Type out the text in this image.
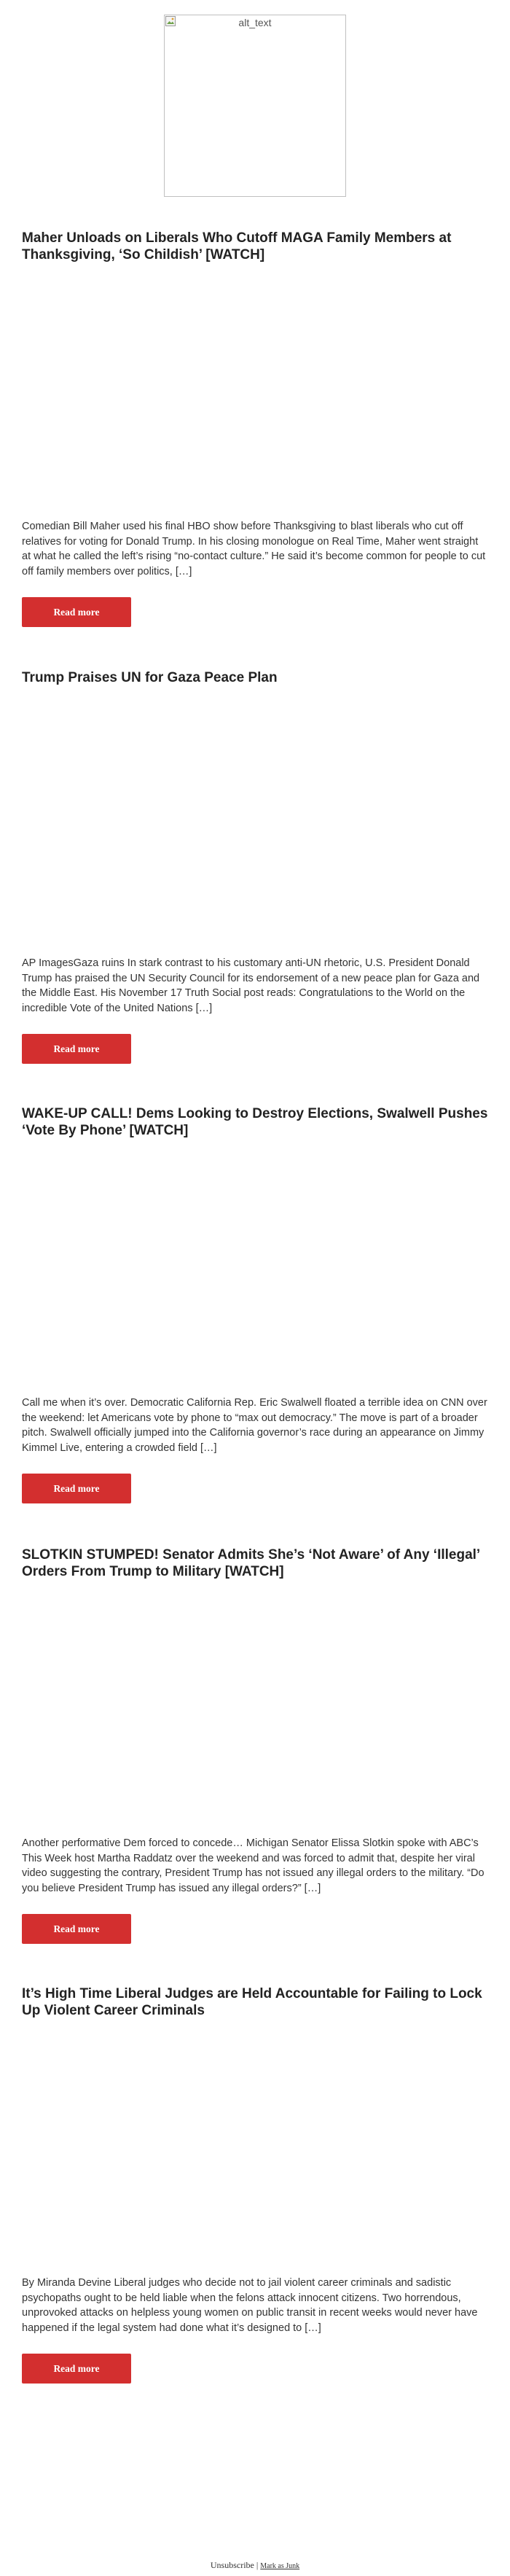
alt_text
Maher Unloads on Liberals Who Cutoff MAGA Family Members at Thanksgiving, ‘So Childish’ [WATCH]

Comedian Bill Maher used his final HBO show before Thanksgiving to blast liberals who cut off relatives for voting for Donald Trump. In his closing monologue on Real Time, Maher went straight at what he called the left’s rising “no-contact culture.” He said it’s become common for people to cut off family members over politics, […]

Read more
Trump Praises UN for Gaza Peace Plan

AP ImagesGaza ruins In stark contrast to his customary anti-UN rhetoric, U.S. President Donald Trump has praised the UN Security Council for its endorsement of a new peace plan for Gaza and the Middle East. His November 17 Truth Social post reads: Congratulations to the World on the incredible Vote of the United Nations […]

Read more
WAKE-UP CALL! Dems Looking to Destroy Elections, Swalwell Pushes ‘Vote By Phone’ [WATCH]

Call me when it’s over. Democratic California Rep. Eric Swalwell floated a terrible idea on CNN over the weekend: let Americans vote by phone to “max out democracy.” The move is part of a broader pitch. Swalwell officially jumped into the California governor’s race during an appearance on Jimmy Kimmel Live, entering a crowded field […]

Read more
SLOTKIN STUMPED! Senator Admits She’s ‘Not Aware’ of Any ‘Illegal’ Orders From Trump to Military [WATCH]

Another performative Dem forced to concede… Michigan Senator Elissa Slotkin spoke with ABC’s This Week host Martha Raddatz over the weekend and was forced to admit that, despite her viral video suggesting the contrary, President Trump has not issued any illegal orders to the military. “Do you believe President Trump has issued any illegal orders?” […]

Read more
It’s High Time Liberal Judges are Held Accountable for Failing to Lock Up Violent Career Criminals

By Miranda Devine Liberal judges who decide not to jail violent career criminals and sadistic psychopaths ought to be held liable when the felons attack innocent citizens. Two horrendous, unprovoked attacks on helpless young women on public transit in recent weeks would never have happened if the legal system had done what it’s designed to […]

Read more
Unsubscribe | Mark as Junk
